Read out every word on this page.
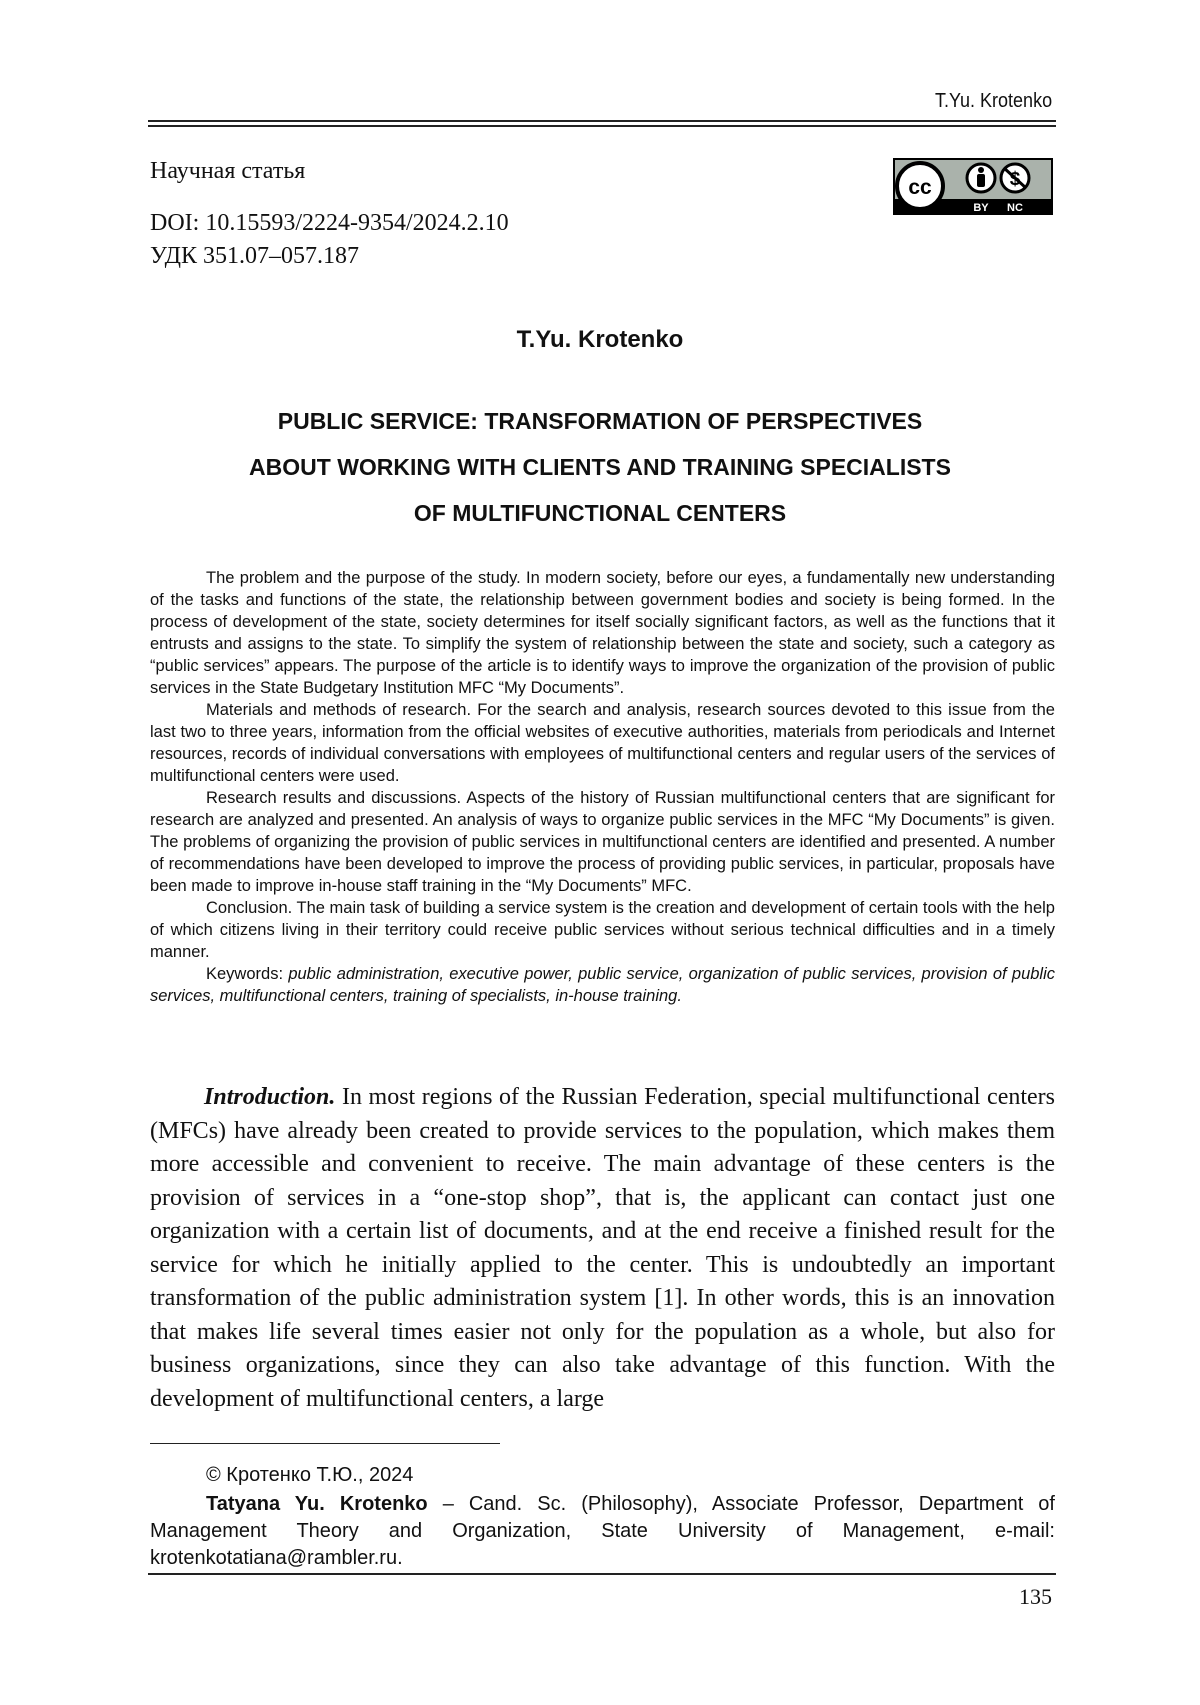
T.Yu. Krotenko
Научная статья
DOI: 10.15593/2224-9354/2024.2.10
УДК 351.07–057.187
cc
BY NC
T.Yu. Krotenko
PUBLIC SERVICE: TRANSFORMATION OF PERSPECTIVES
ABOUT WORKING WITH CLIENTS AND TRAINING SPECIALISTS
OF MULTIFUNCTIONAL CENTERS

The problem and the purpose of the study. In modern society, before our eyes, a fundamentally new understanding of the tasks and functions of the state, the relationship between government bodies and society is being formed. In the process of development of the state, society determines for itself socially significant factors, as well as the functions that it entrusts and assigns to the state. To simplify the system of relationship between the state and society, such a category as “public services” appears. The purpose of the article is to identify ways to improve the organization of the provision of public services in the State Budgetary Institution MFC “My Documents”.

Materials and methods of research. For the search and analysis, research sources devoted to this issue from the last two to three years, information from the official websites of executive authorities, materials from periodicals and Internet resources, records of individual conversations with employees of multifunctional centers and regular users of the services of multifunctional centers were used.

Research results and discussions. Aspects of the history of Russian multifunctional centers that are significant for research are analyzed and presented. An analysis of ways to organize public services in the MFC “My Documents” is given. The problems of organizing the provision of public services in multifunctional centers are identified and presented. A number of recommendations have been developed to improve the process of providing public services, in particular, proposals have been made to improve in-house staff training in the “My Documents” MFC.

Conclusion. The main task of building a service system is the creation and development of certain tools with the help of which citizens living in their territory could receive public services without serious technical difficulties and in a timely manner.

Keywords: public administration, executive power, public service, organization of public services, provision of public services, multifunctional centers, training of specialists, in-house training.

Introduction. In most regions of the Russian Federation, special multifunctional centers (MFCs) have already been created to provide services to the population, which makes them more accessible and convenient to receive. The main advantage of these centers is the provision of services in a “one-stop shop”, that is, the applicant can contact just one organization with a certain list of documents, and at the end receive a finished result for the service for which he initially applied to the center. This is undoubtedly an important transformation of the public administration system [1]. In other words, this is an innovation that makes life several times easier not only for the population as a whole, but also for business organizations, since they can also take advantage of this function. With the development of multifunctional centers, a large

© Кротенко Т.Ю., 2024

Tatyana Yu. Krotenko – Cand. Sc. (Philosophy), Associate Professor, Department of Management Theory and Organization, State University of Management, e-mail: krotenkotatiana@rambler.ru.

135
